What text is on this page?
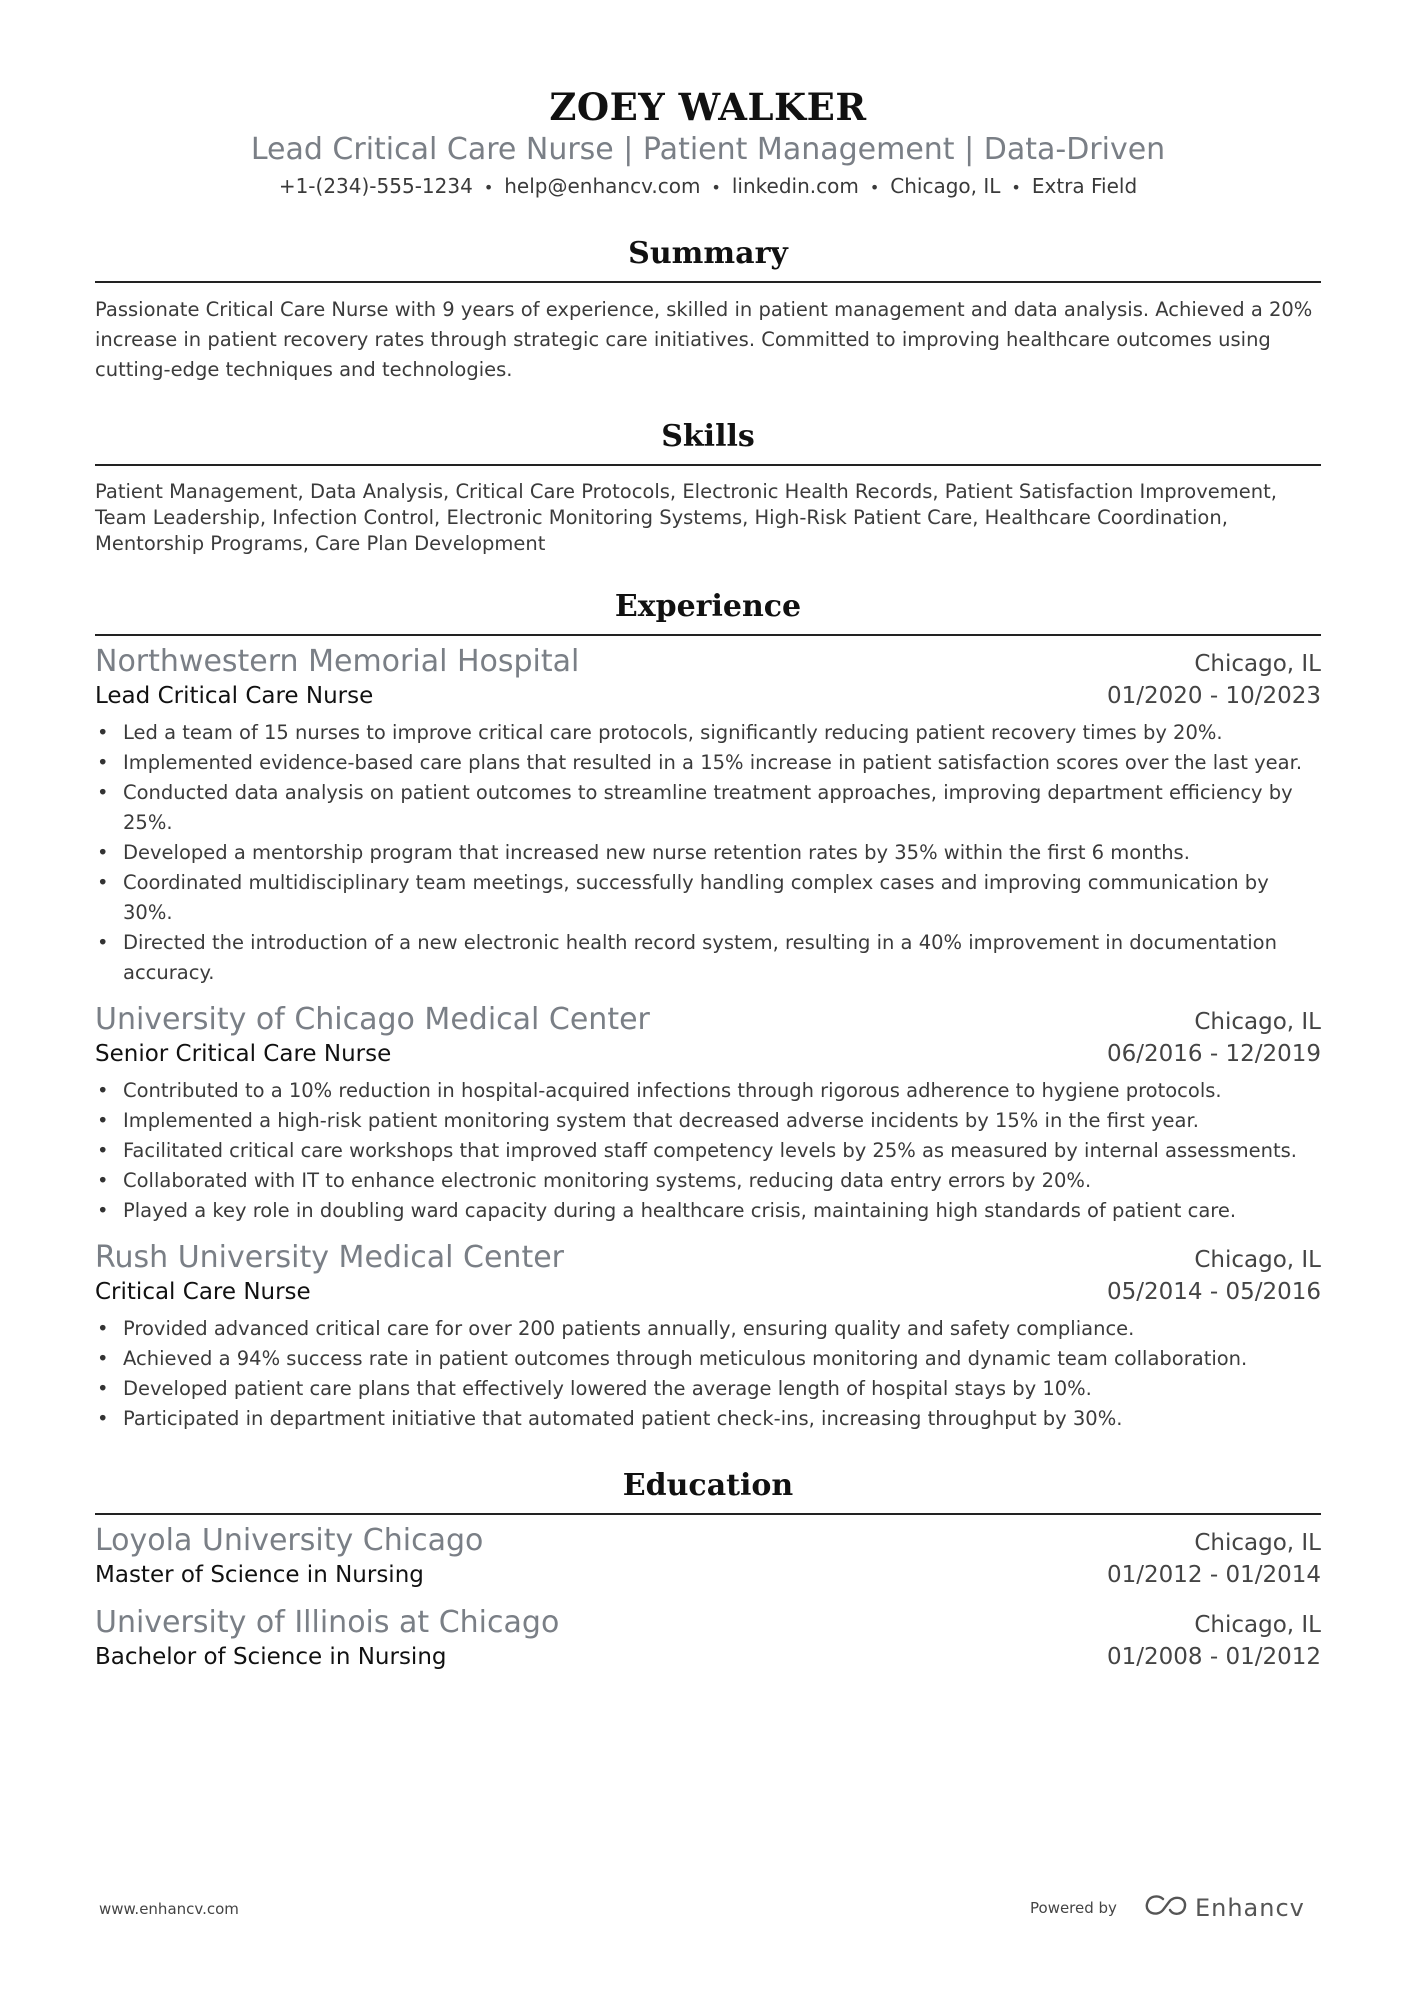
ZOEY WALKER
Lead Critical Care Nurse | Patient Management | Data-Driven
+1-(234)-555-1234 • help@enhancv.com • linkedin.com • Chicago, IL • Extra Field
Summary
Passionate Critical Care Nurse with 9 years of experience, skilled in patient management and data analysis. Achieved a 20% increase in patient recovery rates through strategic care initiatives. Committed to improving healthcare outcomes using cutting-edge techniques and technologies.
Skills
Patient Management, Data Analysis, Critical Care Protocols, Electronic Health Records, Patient Satisfaction Improvement, Team Leadership, Infection Control, Electronic Monitoring Systems, High-Risk Patient Care, Healthcare Coordination, Mentorship Programs, Care Plan Development
Experience
Northwestern Memorial Hospital	Chicago, IL
Lead Critical Care Nurse	01/2020 - 10/2023
• Led a team of 15 nurses to improve critical care protocols, significantly reducing patient recovery times by 20%.
• Implemented evidence-based care plans that resulted in a 15% increase in patient satisfaction scores over the last year.
• Conducted data analysis on patient outcomes to streamline treatment approaches, improving department efficiency by 25%.
• Developed a mentorship program that increased new nurse retention rates by 35% within the first 6 months.
• Coordinated multidisciplinary team meetings, successfully handling complex cases and improving communication by 30%.
• Directed the introduction of a new electronic health record system, resulting in a 40% improvement in documentation accuracy.
University of Chicago Medical Center	Chicago, IL
Senior Critical Care Nurse	06/2016 - 12/2019
• Contributed to a 10% reduction in hospital-acquired infections through rigorous adherence to hygiene protocols.
• Implemented a high-risk patient monitoring system that decreased adverse incidents by 15% in the first year.
• Facilitated critical care workshops that improved staff competency levels by 25% as measured by internal assessments.
• Collaborated with IT to enhance electronic monitoring systems, reducing data entry errors by 20%.
• Played a key role in doubling ward capacity during a healthcare crisis, maintaining high standards of patient care.
Rush University Medical Center	Chicago, IL
Critical Care Nurse	05/2014 - 05/2016
• Provided advanced critical care for over 200 patients annually, ensuring quality and safety compliance.
• Achieved a 94% success rate in patient outcomes through meticulous monitoring and dynamic team collaboration.
• Developed patient care plans that effectively lowered the average length of hospital stays by 10%.
• Participated in department initiative that automated patient check-ins, increasing throughput by 30%.
Education
Loyola University Chicago	Chicago, IL
Master of Science in Nursing	01/2012 - 01/2014
University of Illinois at Chicago	Chicago, IL
Bachelor of Science in Nursing	01/2008 - 01/2012
www.enhancv.com	Powered by	Enhancv
